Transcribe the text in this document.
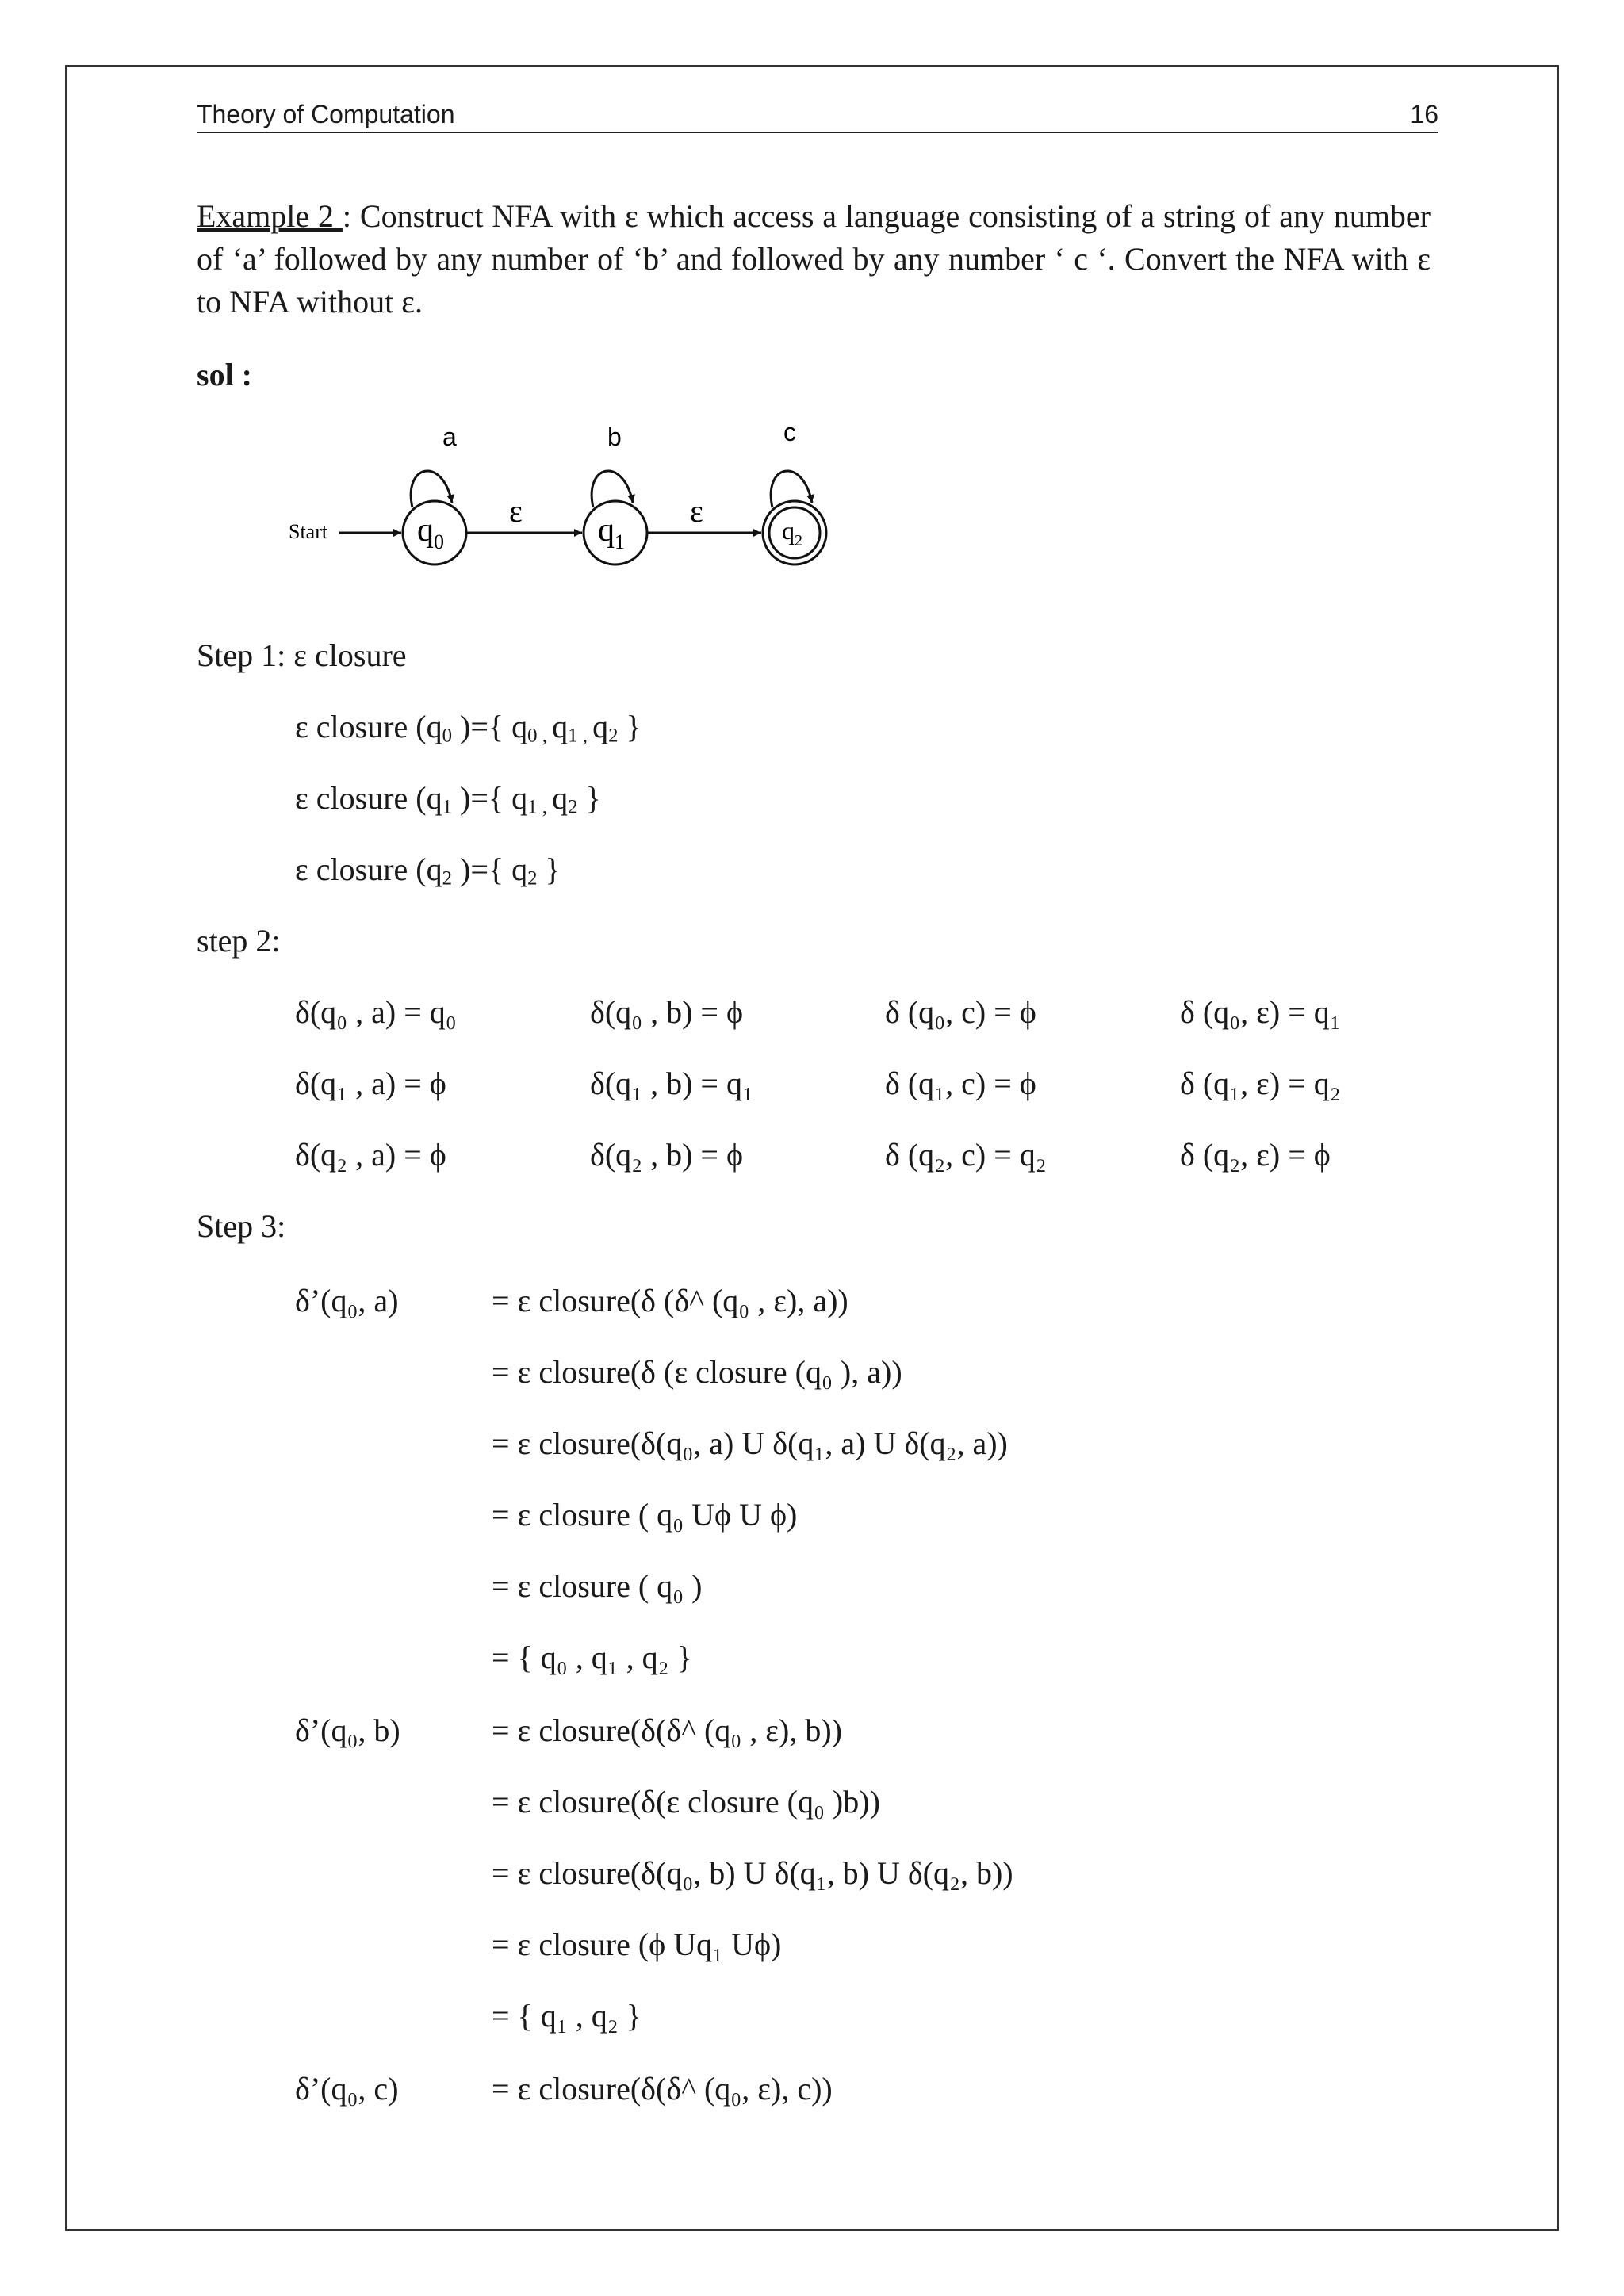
Theory of Computation	16
Example 2 : Construct NFA with ε which access a language consisting of a string of any number of ‘a’ followed by any number of ‘b’ and followed by any number ‘ c ‘. Convert the NFA with ε to NFA without ε.
sol :
Start	$q_0$
a
ε
$q_1$
b
ε
$q_2$
c
Step 1: ε closure
ε closure ($q_0$ )={ $q_{0 ,}$ $q_{1 ,}$ $q_2$ }
ε closure ($q_1$ )={ $q_{1 ,}$ $q_2$ }
ε closure ($q_2$ )={ $q_2$ }
step 2:
δ(q₀ , a) = q₀	δ(q₀ , b) = ϕ	δ (q₀, c) = ϕ	δ (q₀, ε) = q₁
δ(q₁ , a) = ϕ	δ(q₁ , b) = q₁	δ (q₁, c) = ϕ	δ (q₁, ε) = q₂
δ(q₂ , a) = ϕ	δ(q₂ , b) = ϕ	δ (q₂, c) = q₂	δ (q₂, ε) = ϕ
Step 3:
δ’(q₀, a)	= ε closure(δ (δ^ (q₀ , ε), a))
= ε closure(δ (ε closure (q₀ ), a))
= ε closure(δ(q₀, a) U δ(q₁, a) U δ(q₂, a))
= ε closure ( q₀ Uϕ U ϕ)
= ε closure ( q₀ )
= { q₀ , q₁ , q₂ }
δ’(q₀, b)	= ε closure(δ(δ^ (q₀ , ε), b))
= ε closure(δ(ε closure (q₀ )b))
= ε closure(δ(q₀, b) U δ(q₁, b) U δ(q₂, b))
= ε closure (ϕ Uq₁ Uϕ)
= { q₁ , q₂ }
δ’(q₀, c)	= ε closure(δ(δ^ (q₀, ε), c))
